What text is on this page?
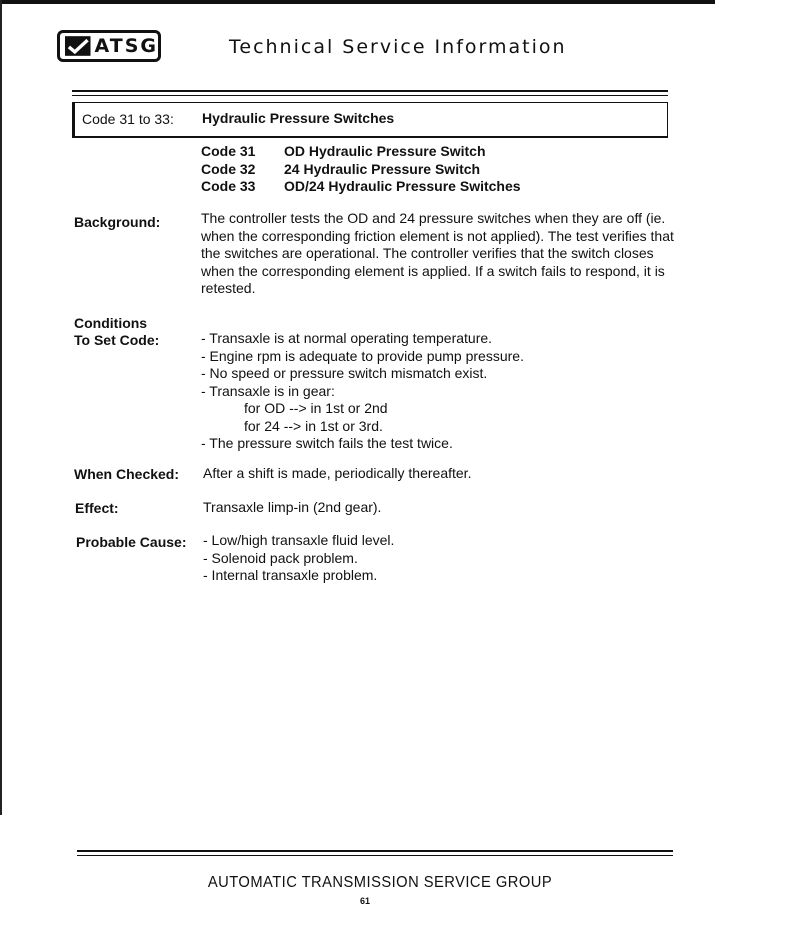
ATSG	Technical Service Information
Code 31 to 33: Hydraulic Pressure Switches
Code 31	OD Hydraulic Pressure Switch
Code 32	24 Hydraulic Pressure Switch
Code 33	OD/24 Hydraulic Pressure Switches
Background:	The controller tests the OD and 24 pressure switches when they are off (ie.
when the corresponding friction element is not applied). The test verifies that
the switches are operational. The controller verifies that the switch closes
when the corresponding element is applied. If a switch fails to respond, it is
retested.
Conditions
To Set Code:	- Transaxle is at normal operating temperature.
- Engine rpm is adequate to provide pump pressure.
- No speed or pressure switch mismatch exist.
- Transaxle is in gear:
for OD --> in 1st or 2nd
for 24 --> in 1st or 3rd.
- The pressure switch fails the test twice.
When Checked: After a shift is made, periodically thereafter.
Effect:	Transaxle limp-in (2nd gear).
Probable Cause: - Low/high transaxle fluid level.
- Solenoid pack problem.
- Internal transaxle problem.
AUTOMATIC TRANSMISSION SERVICE GROUP
61
